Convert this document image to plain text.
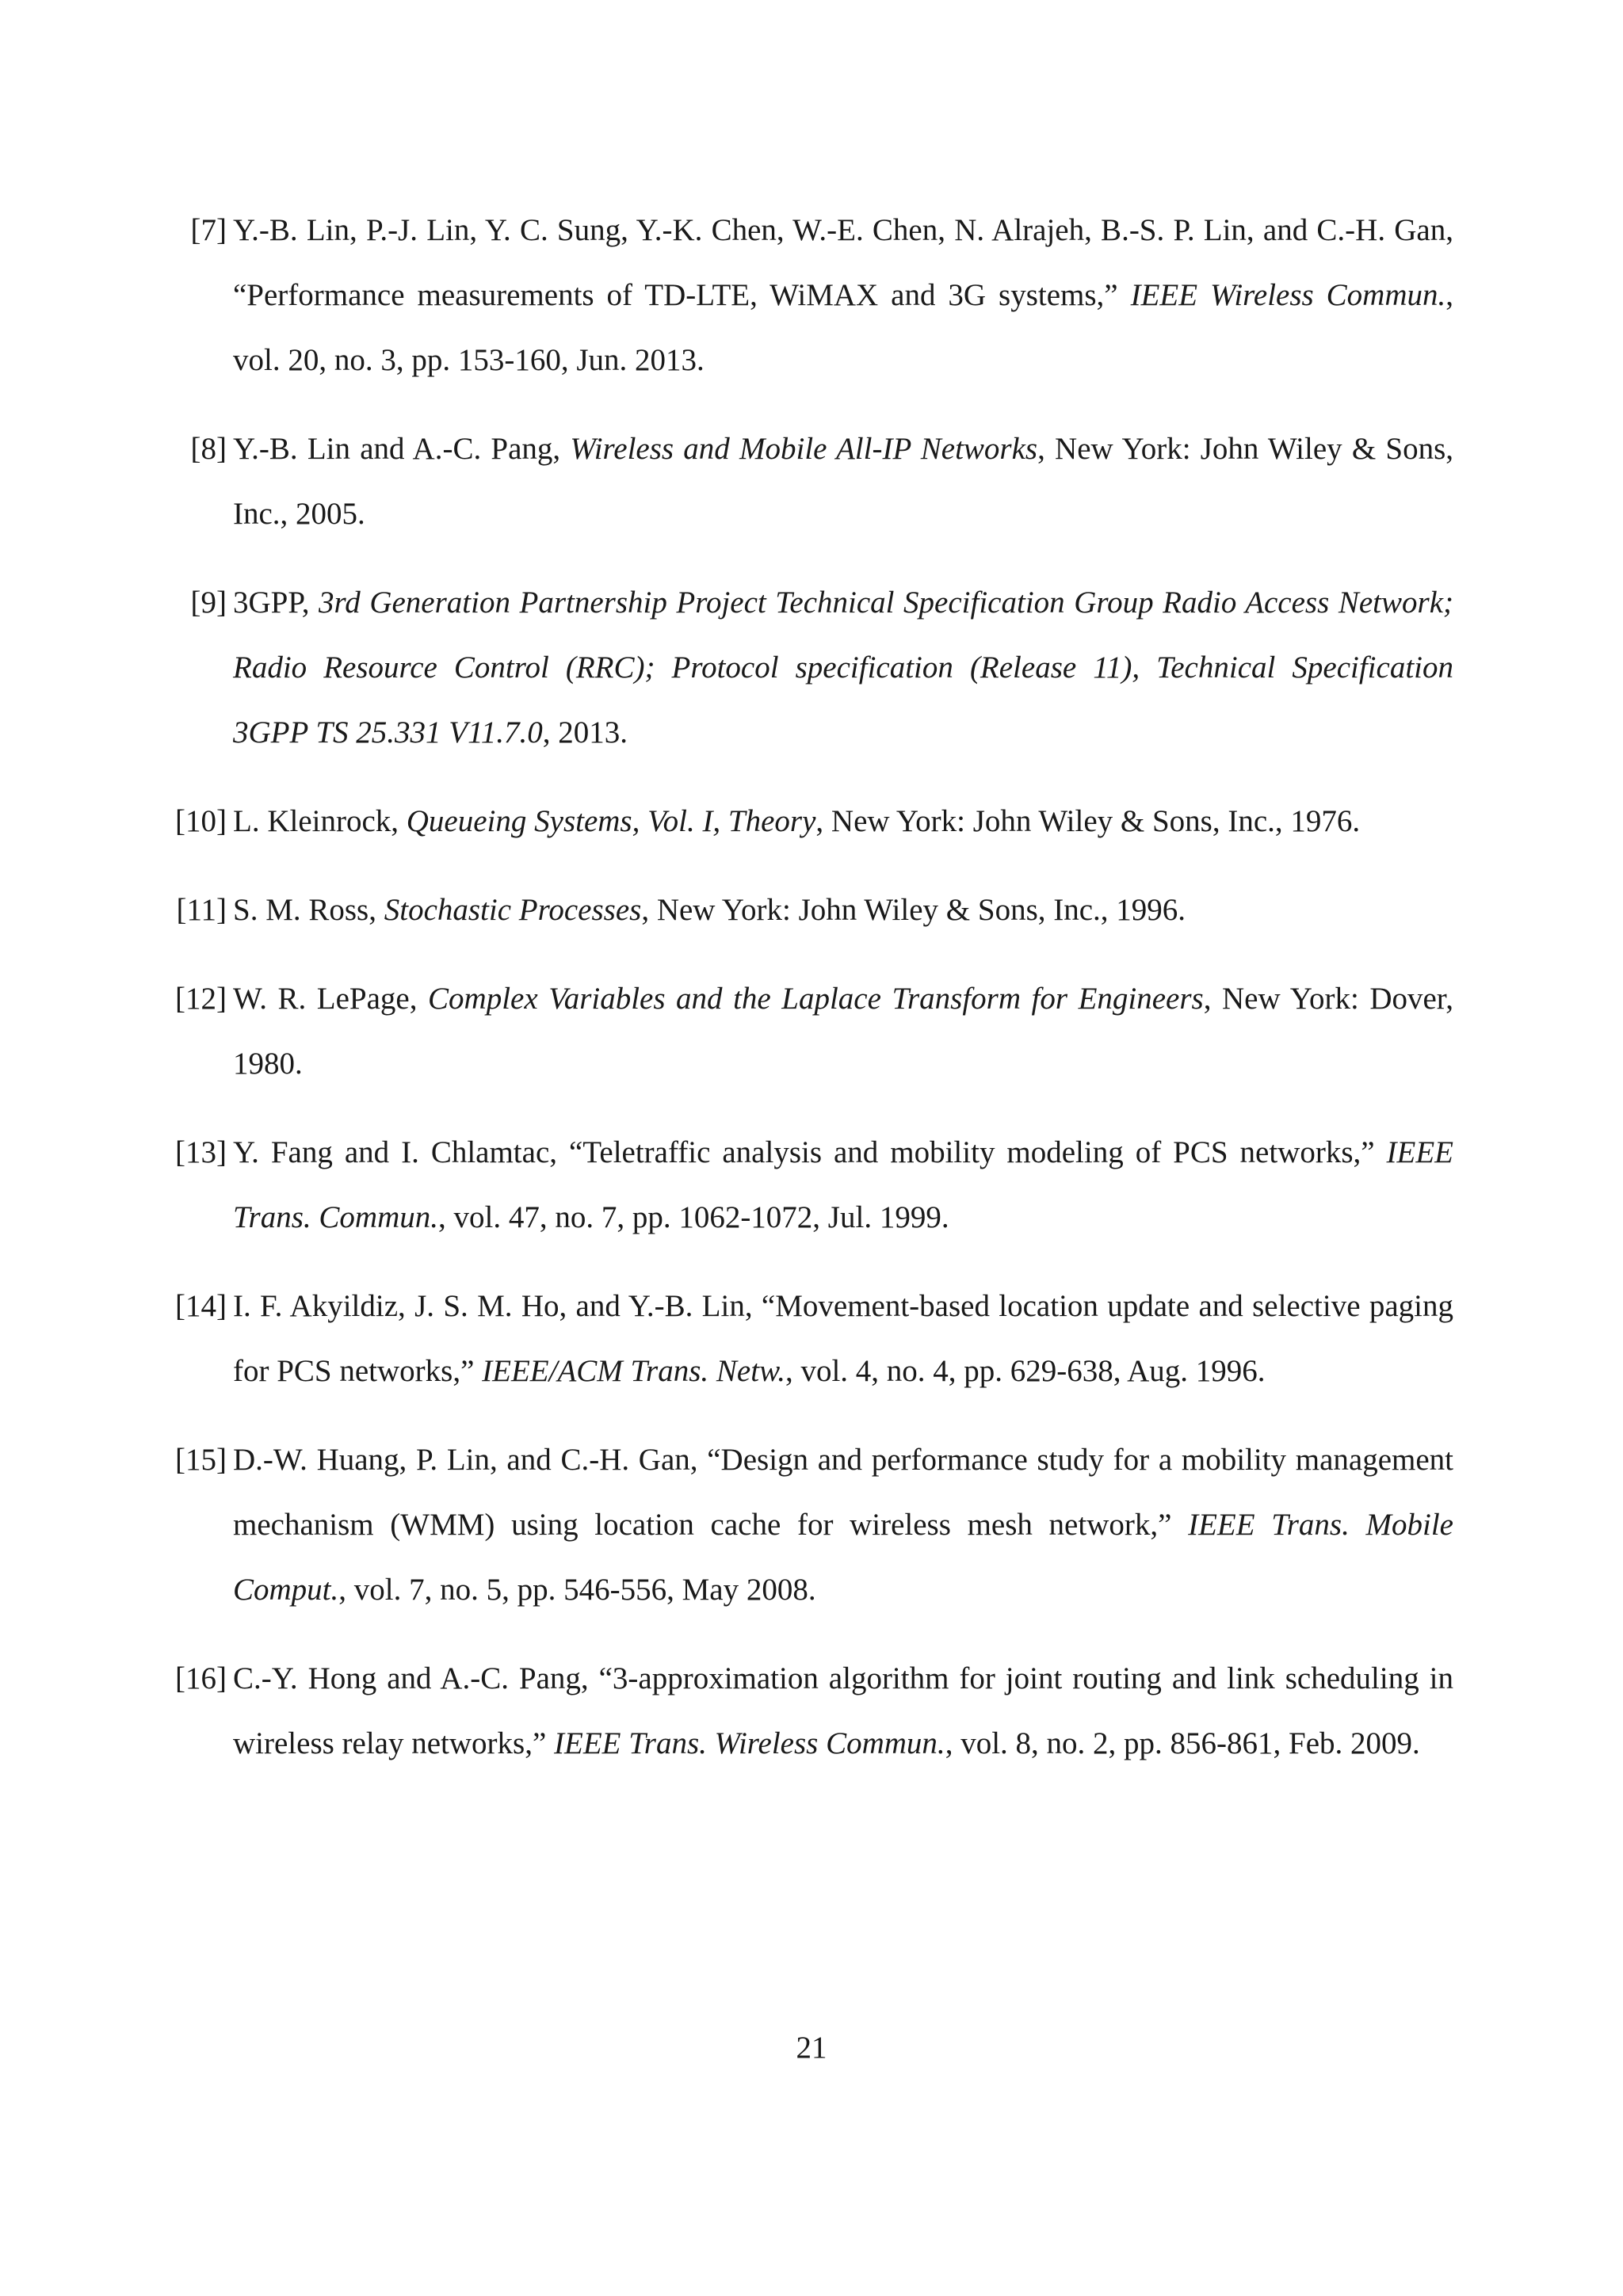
[7] Y.-B. Lin, P.-J. Lin, Y. C. Sung, Y.-K. Chen, W.-E. Chen, N. Alrajeh, B.-S. P. Lin, and C.-H. Gan, “Performance measurements of TD-LTE, WiMAX and 3G systems,” IEEE Wireless Commun., vol. 20, no. 3, pp. 153-160, Jun. 2013.
[8] Y.-B. Lin and A.-C. Pang, Wireless and Mobile All-IP Networks, New York: John Wiley & Sons, Inc., 2005.
[9] 3GPP, 3rd Generation Partnership Project Technical Specification Group Radio Access Network; Radio Resource Control (RRC); Protocol specification (Release 11), Technical Specification 3GPP TS 25.331 V11.7.0, 2013.
[10] L. Kleinrock, Queueing Systems, Vol. I, Theory, New York: John Wiley & Sons, Inc., 1976.
[11] S. M. Ross, Stochastic Processes, New York: John Wiley & Sons, Inc., 1996.
[12] W. R. LePage, Complex Variables and the Laplace Transform for Engineers, New York: Dover, 1980.
[13] Y. Fang and I. Chlamtac, “Teletraffic analysis and mobility modeling of PCS networks,” IEEE Trans. Commun., vol. 47, no. 7, pp. 1062-1072, Jul. 1999.
[14] I. F. Akyildiz, J. S. M. Ho, and Y.-B. Lin, “Movement-based location update and selective paging for PCS networks,” IEEE/ACM Trans. Netw., vol. 4, no. 4, pp. 629-638, Aug. 1996.
[15] D.-W. Huang, P. Lin, and C.-H. Gan, “Design and performance study for a mobility management mechanism (WMM) using location cache for wireless mesh network,” IEEE Trans. Mobile Comput., vol. 7, no. 5, pp. 546-556, May 2008.
[16] C.-Y. Hong and A.-C. Pang, “3-approximation algorithm for joint routing and link scheduling in wireless relay networks,” IEEE Trans. Wireless Commun., vol. 8, no. 2, pp. 856-861, Feb. 2009.
21
